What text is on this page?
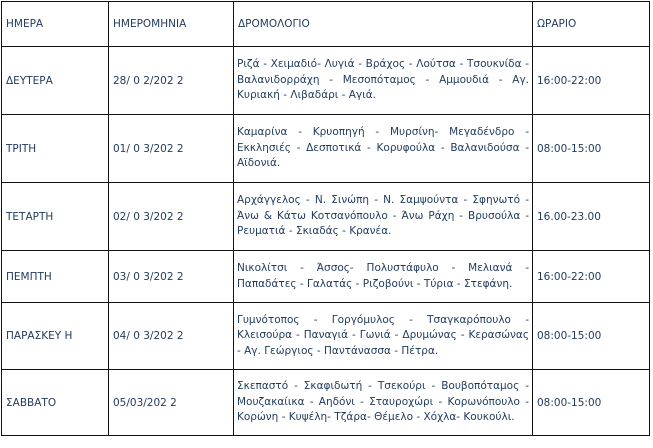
ΗΜΕΡΑ	ΗΜΕΡΟΜΗΝΙΑ	ΔΡΟΜΟΛΟΓΙΟ	ΩΡΑΡΙΟ
ΔΕΥΤΕΡΑ	28/ 0 2/202 2	Ριζά - Χειμαδιό- Λυγιά - Βράχος - Λούτσα - Τσουκνίδα - Βαλανιδορράχη - Μεσοπόταμος - Αμμουδιά - Αγ. Κυριακή - Λιβαδάρι - Αγιά.	16:00-22:00
ΤΡΙΤΗ	01/ 0 3/202 2	Καμαρίνα - Κρυοπηγή - Μυρσίνη- Μεγαδένδρο - Εκκλησιές - Δεσποτικά - Κορυφούλα - Βαλανιδούσα - Αϊδονιά.	08:00-15:00
ΤΕΤΑΡΤΗ	02/ 0 3/202 2	Αρχάγγελος - Ν. Σινώπη - Ν. Σαμψούντα - Σφηνωτό - Άνω & Κάτω Κοτσανόπουλο - Άνω Ράχη - Βρυσούλα - Ρευματιά - Σκιαδάς - Κρανέα.	16.00-23.00
ΠΕΜΠΤΗ	03/ 0 3/202 2	Νικολίτσι - Άσσος- Πολυστάφυλο - Μελιανά - Παπαδάτες - Γαλατάς - Ριζοβούνι - Τύρια - Στεφάνη.	16:00-22:00
ΠΑΡΑΣΚΕΥ Η	04/ 0 3/202 2	Γυμνότοπος - Γοργόμυλος - Τσαγκαρόπουλο - Κλεισούρα - Παναγιά - Γωνιά - Δρυμώνας - Κερασώνας - Αγ. Γεώργιος - Παντάνασσα - Πέτρα.	08:00-15:00
ΣΑΒΒΑΤΟ	05/03/202 2	Σκεπαστό - Σκαφιδωτή - Τσεκούρι - Βουβοπόταμος - Μουζακαίικα - Αηδόνι - Σταυροχώρι - Κορωνόπουλο - Κορώνη - Κυψέλη- Τζάρα- Θέμελο - Χόχλα- Κουκούλι.	08:00-15:00
